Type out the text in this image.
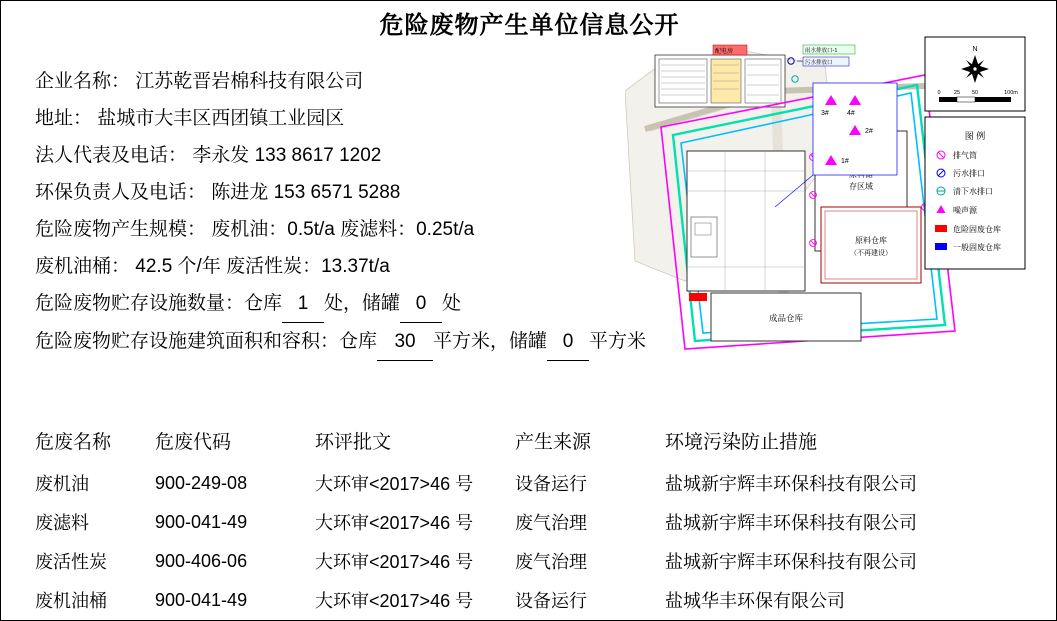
危险废物产生单位信息公开
企业名称： 江苏乾晋岩棉科技有限公司
地址： 盐城市大丰区西团镇工业园区
法人代表及电话： 李永发 133 8617 1202
环保负责人及电话： 陈进龙 153 6571 5288
危险废物产生规模： 废机油：0.5t/a 废滤料：0.25t/a
废机油桶： 42.5 个/年 废活性炭：13.37t/a
危险废物贮存设施数量：仓库 1 处，储罐 0 处
危险废物贮存设施建筑面积和容积：仓库 30 平方米，储罐 0 平方米
危废名称	危废代码	环评批文	产生来源	环境污染防止措施
废机油	900-249-08	大环审<2017>46 号	设备运行	盐城新宇辉丰环保科技有限公司
废滤料	900-041-49	大环审<2017>46 号	废气治理	盐城新宇辉丰环保科技有限公司
废活性炭	900-406-06	大环审<2017>46 号	废气治理	盐城新宇辉丰环保科技有限公司
废机油桶	900-041-49	大环审<2017>46 号	设备运行	盐城华丰环保有限公司
配电房	雨水排放口-1
污水排放口
存区域
原料仓库
（不再建设）
成品仓库
3#	4#
2#
1#
N
0 25 50	100m
图 例
排气筒
污水排口
清下水排口
噪声源
危险固废仓库
一般固废仓库
